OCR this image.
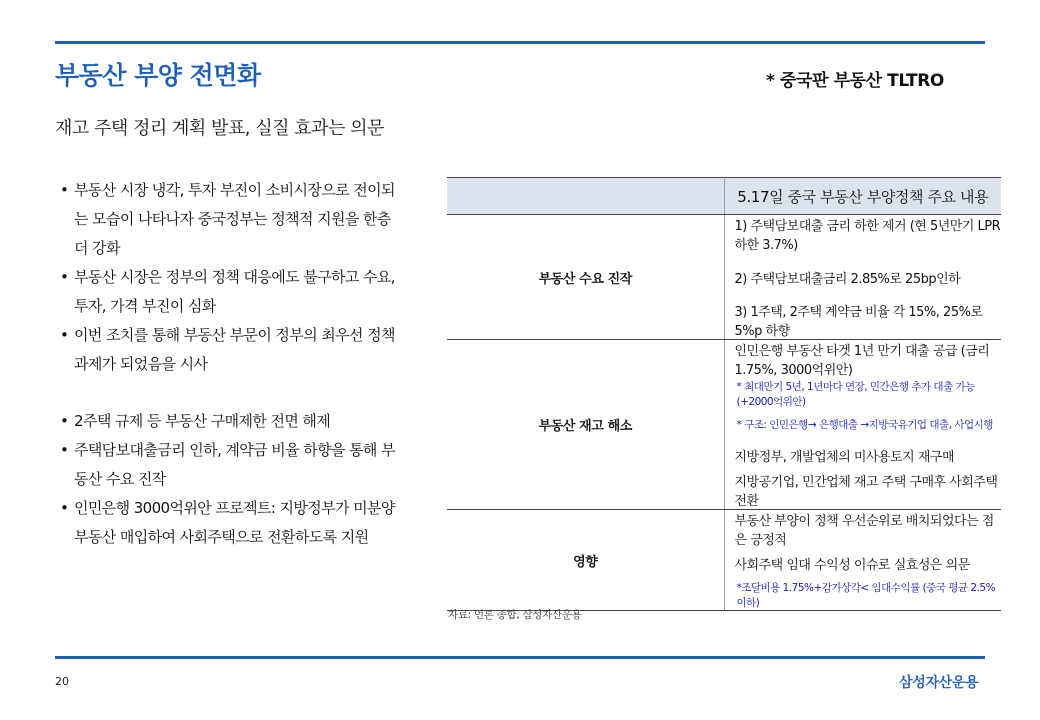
부동산 부양 전면화	* 중국판 부동산 TLTRO
재고 주택 정리 계획 발표, 실질 효과는 의문
• 부동산 시장 냉각, 투자 부진이 소비시장으로 전이되는 모습이 나타나자 중국정부는 정책적 지원을 한층 더 강화
• 부동산 시장은 정부의 정책 대응에도 불구하고 수요, 투자, 가격 부진이 심화
• 이번 조치를 통해 부동산 부문이 정부의 최우선 정책 과제가 되었음을 시사
• 2주택 규제 등 부동산 구매제한 전면 해제
• 주택담보대출금리 인하, 계약금 비율 하향을 통해 부동산 수요 진작
• 인민은행 3000억위안 프로젝트: 지방정부가 미분양 부동산 매입하여 사회주택으로 전환하도록 지원
	5.17일 중국 부동산 부양정책 주요 내용
부동산 수요 진작	1) 주택담보대출 금리 하한 제거 (현 5년만기 LPR 하한 3.7%)
	2) 주택담보대출금리 2.85%로 25bp인하
	3) 1주택, 2주택 계약금 비율 각 15%, 25%로 5%p 하향
부동산 재고 해소	인민은행 부동산 타겟 1년 만기 대출 공급 (금리 1.75%, 3000억위안)
	* 최대만기 5년, 1년마다 연장, 민간은행 추가 대출 가능(+2000억위안)
	* 구조: 인민은행→ 은행대출 →지방국유기업 대출, 사업시행
	지방정부, 개발업체의 미사용토지 재구매
	지방공기업, 민간업체 재고 주택 구매후 사회주택 전환
영향	부동산 부양이 정책 우선순위로 배치되었다는 점은 긍정적
	사회주택 임대 수익성 이슈로 실효성은 의문
	*조달비용 1.75%+감가상각< 임대수익률 (중국 평균 2.5%이하)
자료: 언론 종합, 삼성자산운용
20	삼성자산운용
